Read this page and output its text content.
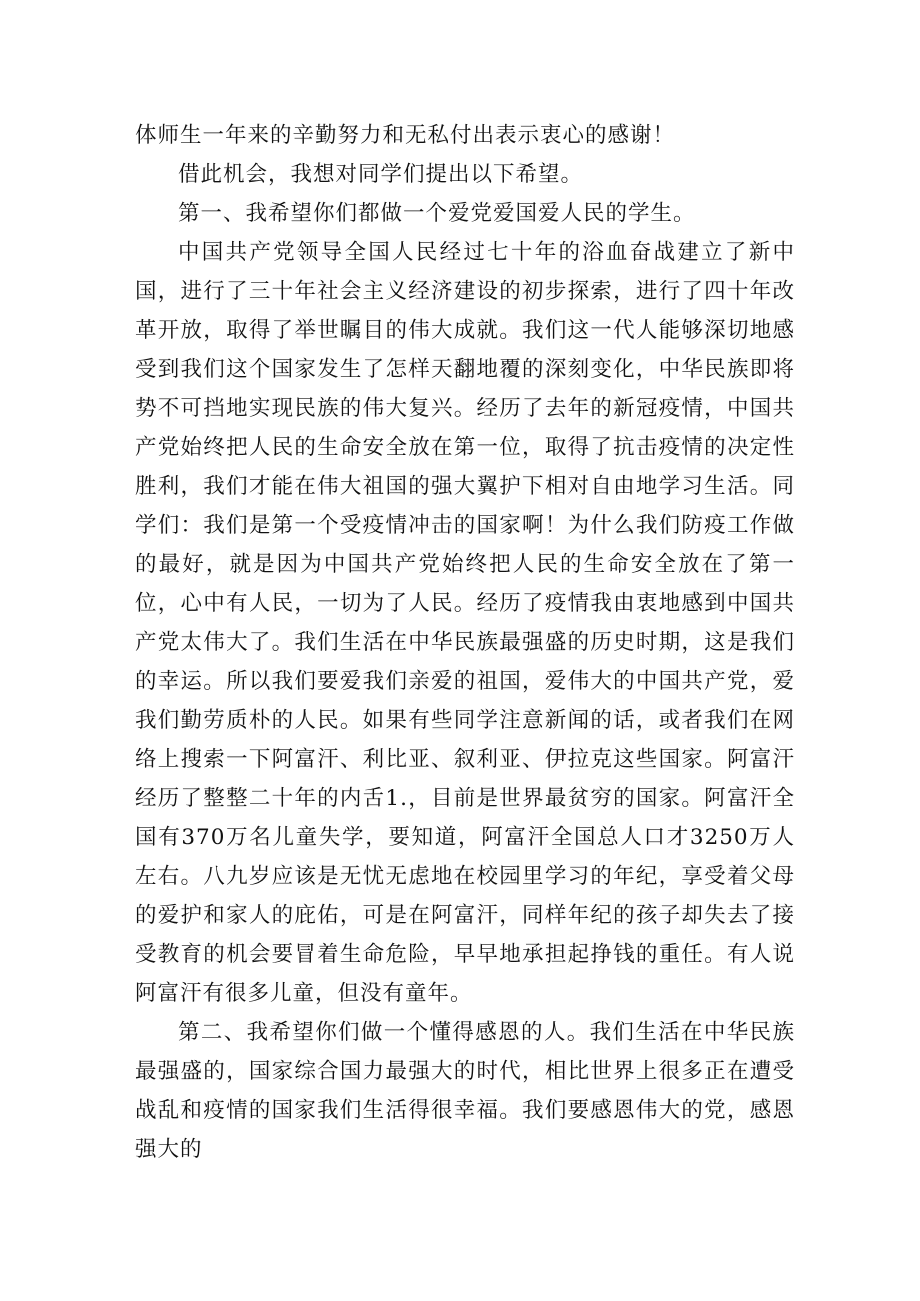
体师生一年来的辛勤努力和无私付出表示衷心的感谢！

借此机会，我想对同学们提出以下希望。

第一、我希望你们都做一个爱党爱国爱人民的学生。

中国共产党领导全国人民经过七十年的浴血奋战建立了新中国，进行了三十年社会主义经济建设的初步探索，进行了四十年改革开放，取得了举世瞩目的伟大成就。我们这一代人能够深切地感受到我们这个国家发生了怎样天翻地覆的深刻变化，中华民族即将势不可挡地实现民族的伟大复兴。经历了去年的新冠疫情，中国共产党始终把人民的生命安全放在第一位，取得了抗击疫情的决定性胜利，我们才能在伟大祖国的强大翼护下相对自由地学习生活。同学们：我们是第一个受疫情冲击的国家啊！为什么我们防疫工作做的最好，就是因为中国共产党始终把人民的生命安全放在了第一位，心中有人民，一切为了人民。经历了疫情我由衷地感到中国共产党太伟大了。我们生活在中华民族最强盛的历史时期，这是我们的幸运。所以我们要爱我们亲爱的祖国，爱伟大的中国共产党，爱我们勤劳质朴的人民。如果有些同学注意新闻的话，或者我们在网络上搜索一下阿富汗、利比亚、叙利亚、伊拉克这些国家。阿富汗经历了整整二十年的内舌1.，目前是世界最贫穷的国家。阿富汗全国有370万名儿童失学，要知道，阿富汗全国总人口才3250万人左右。八九岁应该是无忧无虑地在校园里学习的年纪，享受着父母的爱护和家人的庇佑，可是在阿富汗，同样年纪的孩子却失去了接受教育的机会要冒着生命危险，早早地承担起挣钱的重任。有人说阿富汗有很多儿童，但没有童年。

第二、我希望你们做一个懂得感恩的人。我们生活在中华民族最强盛的，国家综合国力最强大的时代，相比世界上很多正在遭受战乱和疫情的国家我们生活得很幸福。我们要感恩伟大的党，感恩强大的
